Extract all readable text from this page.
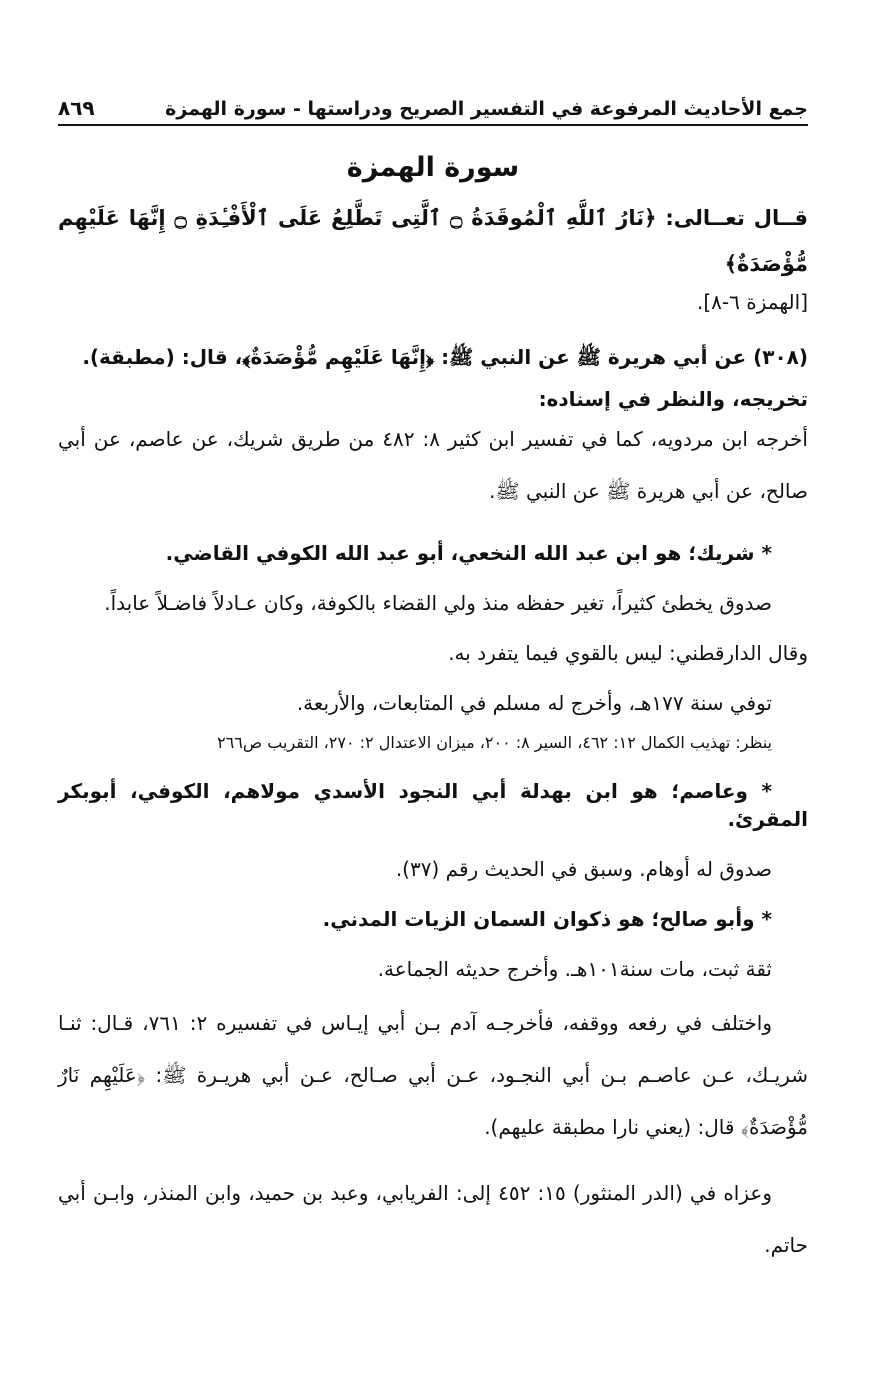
جمع الأحاديث المرفوعة في التفسير الصريح ودراستها - سورة الهمزة
٨٦٩
سورة الهمزة

قــال تعــالى: ﴿نَارُ ٱللَّهِ ٱلْمُوقَدَةُ ۝ ٱلَّتِى تَطَّلِعُ عَلَى ٱلْأَفْـِٔدَةِ ۝ إِنَّهَا عَلَيْهِم مُّؤْصَدَةٌ﴾

[الهمزة ٦-٨].

(٣٠٨) عن أبي هريرة ﷺ عن النبي ﷺ: ﴿إِنَّهَا عَلَيْهِم مُّؤْصَدَةٌ﴾، قال: (مطبقة).

تخريجه، والنظر في إسناده:

أخرجه ابن مردويه، كما في تفسير ابن كثير ٨: ٤٨٢ من طريق شريك، عن عاصم، عن أبي صالح، عن أبي هريرة ﷺ عن النبي ﷺ.

* شريك؛ هو ابن عبد الله النخعي، أبو عبد الله الكوفي القاضي.

صدوق يخطئ كثيراً، تغير حفظه منذ ولي القضاء بالكوفة، وكان عـادلاً فاضـلاً عابداً.

وقال الدارقطني: ليس بالقوي فيما يتفرد به.

توفي سنة ١٧٧هـ، وأخرج له مسلم في المتابعات، والأربعة.

ينظر: تهذيب الكمال ١٢: ٤٦٢، السير ٨: ٢٠٠، ميزان الاعتدال ٢: ٢٧٠، التقريب ص٢٦٦

* وعاصم؛ هو ابن بهدلة أبي النجود الأسدي مولاهم، الكوفي، أبوبكر المقرئ.

صدوق له أوهام. وسبق في الحديث رقم (٣٧).

* وأبو صالح؛ هو ذكوان السمان الزيات المدني.

ثقة ثبت، مات سنة١٠١هـ. وأخرج حديثه الجماعة.

واختلف في رفعه ووقفه، فأخرجـه آدم بـن أبي إيـاس في تفسيره ٢: ٧٦١، قـال: ثنـا شريـك، عـن عاصـم بـن أبي النجـود، عـن أبي صـالح، عـن أبي هريـرة ﷺ: ﴿عَلَيْهِم نَارٌ مُّؤْصَدَةٌ﴾ قال: (يعني نارا مطبقة عليهم).

وعزاه في (الدر المنثور) ١٥: ٤٥٢ إلى: الفريابي، وعبد بن حميد، وابن المنذر، وابـن أبي حاتم.
